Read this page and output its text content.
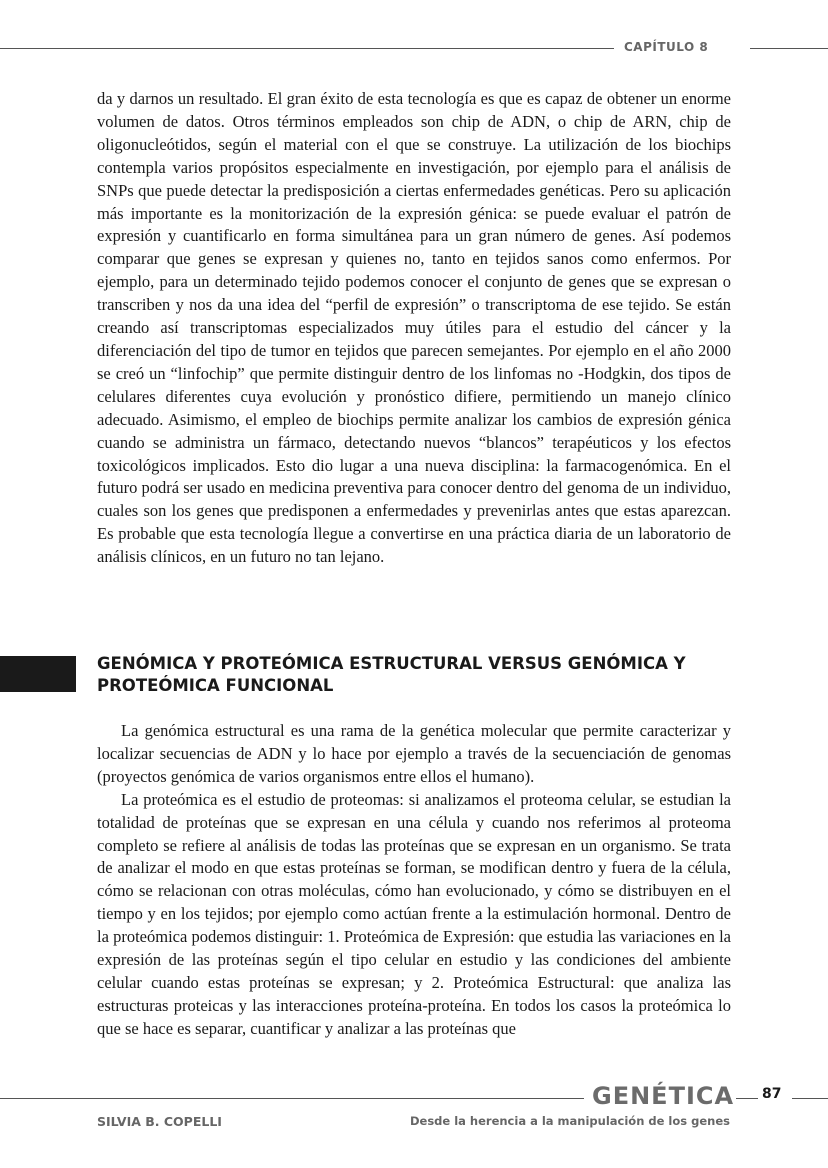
CAPÍTULO 8

da y darnos un resultado. El gran éxito de esta tecnología es que es capaz de obtener un enorme volumen de datos. Otros términos empleados son chip de ADN, o chip de ARN, chip de oligonucleótidos, según el material con el que se construye. La utilización de los biochips contempla varios propósitos especialmente en investigación, por ejemplo para el análisis de SNPs que puede detectar la predisposición a ciertas enfermedades genéticas. Pero su aplicación más importante es la monitorización de la expresión génica: se puede evaluar el patrón de expresión y cuantificarlo en forma simultánea para un gran número de genes. Así podemos comparar que genes se expresan y quienes no, tanto en tejidos sanos como enfermos. Por ejemplo, para un determinado tejido podemos conocer el conjunto de genes que se expresan o transcriben y nos da una idea del “perfil de expresión” o transcriptoma de ese tejido. Se están creando así transcriptomas especializados muy útiles para el estudio del cáncer y la diferenciación del tipo de tumor en tejidos que parecen semejantes. Por ejemplo en el año 2000 se creó un “linfochip” que permite distinguir dentro de los linfomas no -Hodgkin, dos tipos de celulares diferentes cuya evolución y pronóstico difiere, permitiendo un manejo clínico adecuado. Asimismo, el empleo de biochips permite analizar los cambios de expresión génica cuando se administra un fármaco, detectando nuevos “blancos” terapéuticos y los efectos toxicológicos implicados. Esto dio lugar a una nueva disciplina: la farmacogenómica. En el futuro podrá ser usado en medicina preventiva para conocer dentro del genoma de un individuo, cuales son los genes que predisponen a enfermedades y prevenirlas antes que estas aparezcan. Es probable que esta tecnología llegue a convertirse en una práctica diaria de un laboratorio de análisis clínicos, en un futuro no tan lejano.

GENÓMICA Y PROTEÓMICA ESTRUCTURAL VERSUS GENÓMICA Y PROTEÓMICA FUNCIONAL

La genómica estructural es una rama de la genética molecular que permite caracterizar y localizar secuencias de ADN y lo hace por ejemplo a través de la secuenciación de genomas (proyectos genómica de varios organismos entre ellos el humano).

La proteómica es el estudio de proteomas: si analizamos el proteoma celular, se estudian la totalidad de proteínas que se expresan en una célula y cuando nos referimos al proteoma completo se refiere al análisis de todas las proteínas que se expresan en un organismo. Se trata de analizar el modo en que estas proteínas se forman, se modifican dentro y fuera de la célula, cómo se relacionan con otras moléculas, cómo han evolucionado, y cómo se distribuyen en el tiempo y en los tejidos; por ejemplo como actúan frente a la estimulación hormonal. Dentro de la proteómica podemos distinguir: 1. Proteómica de Expresión: que estudia las variaciones en la expresión de las proteínas según el tipo celular en estudio y las condiciones del ambiente celular cuando estas proteínas se expresan; y 2. Proteómica Estructural: que analiza las estructuras proteicas y las interacciones proteína-proteína. En todos los casos la proteómica lo que se hace es separar, cuantificar y analizar a las proteínas que

GENÉTICA 87
SILVIA B. COPELLI	Desde la herencia a la manipulación de los genes
